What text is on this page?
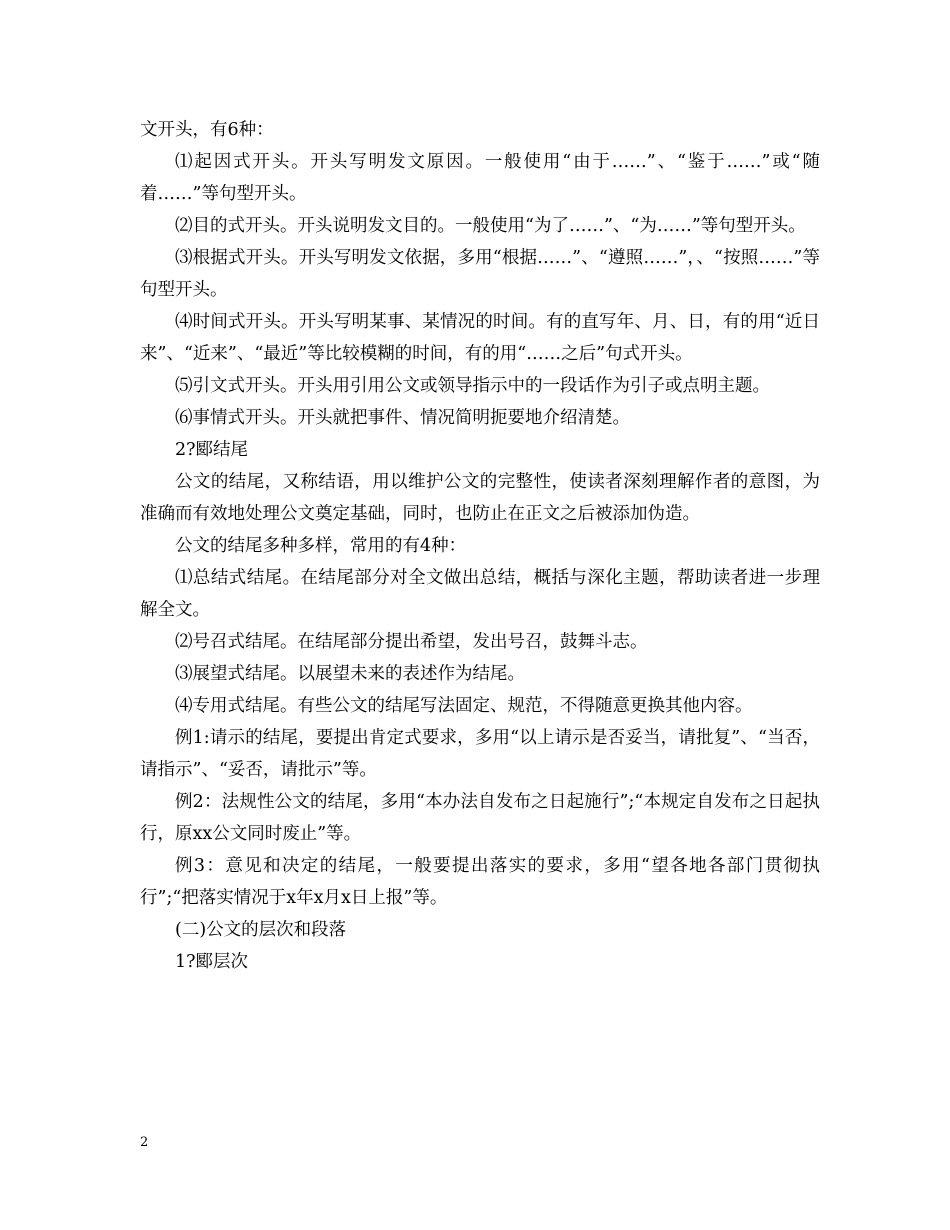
文开头，有6种：

⑴起因式开头。开头写明发文原因。一般使用“由于……”、“鉴于……”或“随着……”等句型开头。

⑵目的式开头。开头说明发文目的。一般使用“为了……”、“为……”等句型开头。

⑶根据式开头。开头写明发文依据，多用“根据……”、“遵照……”，、“按照……”等句型开头。

⑷时间式开头。开头写明某事、某情况的时间。有的直写年、月、日，有的用“近日来”、“近来”、“最近”等比较模糊的时间，有的用“……之后”句式开头。

⑸引文式开头。开头用引用公文或领导指示中的一段话作为引子或点明主题。

⑹事情式开头。开头就把事件、情况简明扼要地介绍清楚。

2?郾结尾

公文的结尾，又称结语，用以维护公文的完整性，使读者深刻理解作者的意图，为准确而有效地处理公文奠定基础，同时，也防止在正文之后被添加伪造。

公文的结尾多种多样，常用的有4种：

⑴总结式结尾。在结尾部分对全文做出总结，概括与深化主题，帮助读者进一步理解全文。

⑵号召式结尾。在结尾部分提出希望，发出号召，鼓舞斗志。

⑶展望式结尾。以展望未来的表述作为结尾。

⑷专用式结尾。有些公文的结尾写法固定、规范，不得随意更换其他内容。

例1:请示的结尾，要提出肯定式要求，多用“以上请示是否妥当，请批复”、“当否，请指示”、“妥否，请批示”等。

例2：法规性公文的结尾，多用“本办法自发布之日起施行”;“本规定自发布之日起执行，原xx公文同时废止”等。

例3：意见和决定的结尾，一般要提出落实的要求，多用“望各地各部门贯彻执行”;“把落实情况于x年x月x日上报”等。

(二)公文的层次和段落

1?郾层次

2
